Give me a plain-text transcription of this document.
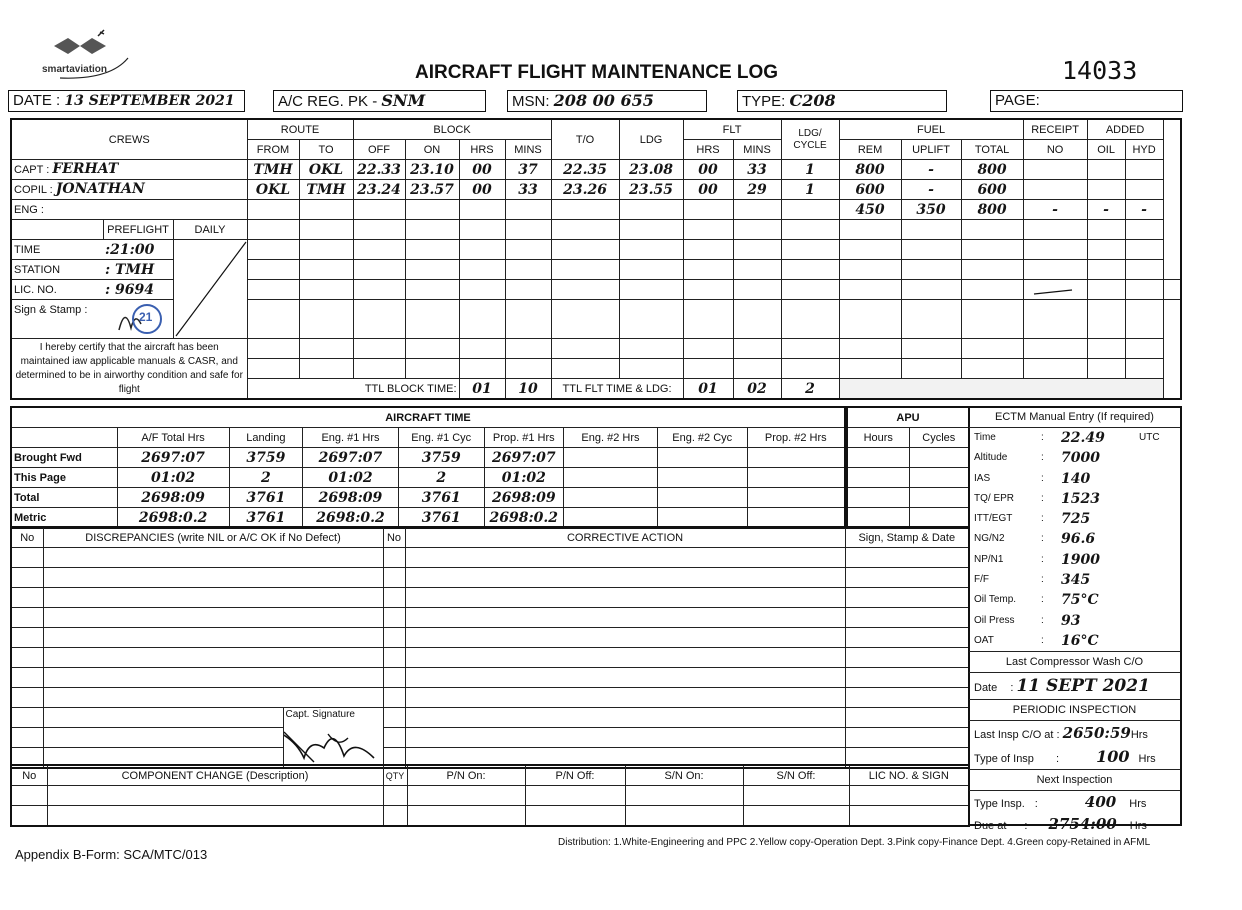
smartaviation	AIRCRAFT FLIGHT MAINTENANCE LOG	14033
DATE : 13 SEPTEMBER 2021	A/C REG. PK - SNM	MSN: 208 00 655	TYPE: C208	PAGE:
CREWS			ROUTE		BLOCK				T/O	LDG	FLT		LDG/ CYCLE	FUEL			RECEIPT	ADDED		
			FROM	TO	OFF	ON	HRS	MINS			HRS	MINS		REM	UPLIFT	TOTAL	NO	OIL	HYD	
CAPT : FERHAT			TMH	OKL	22.33	23.10	00	37	22.35	23.08	00	33	1	800	-	800				
COPIL : JONATHAN			OKL	TMH	23.24	23.57	00	33	23.26	23.55	00	29	1	600	-	600				
ENG :														450	350	800	-	-	-	
	PREFLIGHT	DAILY																		
TIME	:21:00	

STATION	: TMH																			
LIC. NO.	: 9694															

Sign & Stamp :	21																			

I hereby certify that the aircraft has been maintained iaw applicable manuals & CASR, and determined to be in airworthy condition and safe for flight																				

			TTL BLOCK TIME:				01	10	TTL FLT TIME & LDG:		01	02	2							
AIRCRAFT TIME								
	A/F Total Hrs	Landing	Eng. #1 Hrs	Eng. #1 Cyc	Prop. #1 Hrs	Eng. #2 Hrs	Eng. #2 Cyc	Prop. #2 Hrs
Brought Fwd	2697:07	3759	2697:07	3759	2697:07			
This Page	01:02	2	01:02	2	01:02			
Total	2698:09	3761	2698:09	3761	2698:09			
Metric	2698:0.2	3761	2698:0.2	3761	2698:0.2			
APU	
Hours	Cycles

No	DISCREPANCIES (write NIL or A/C OK if No Defect)		No	CORRECTIVE ACTION	Sign, Stamp & Date

		Capt. Signature

No	COMPONENT CHANGE (Description)	QTY	P/N On:	P/N Off:	S/N On:	S/N Off:	LIC NO. & SIGN

ECTM Manual Entry (If required)
Time	: 22.49	UTC
Altitude	: 7000
IAS	: 140
TQ/ EPR	: 1523
ITT/EGT	: 725
NG/N2	: 96.6
NP/N1	: 1900
F/F	: 345
Oil Temp. : 75°C
Oil Press	: 93
OAT	: 16°C
Last Compressor Wash C/O
Date : 11 SEPT 2021
PERIODIC INSPECTION
Last Insp C/O at : 2650:59Hrs
Type of Insp : 100 Hrs
Next Inspection
Type Insp. :	400 Hrs
Due at : 2754:00 Hrs
Distribution: 1.White-Engineering and PPC 2.Yellow copy-Operation Dept. 3.Pink copy-Finance Dept. 4.Green copy-Retained in AFML
Appendix B-Form: SCA/MTC/013
